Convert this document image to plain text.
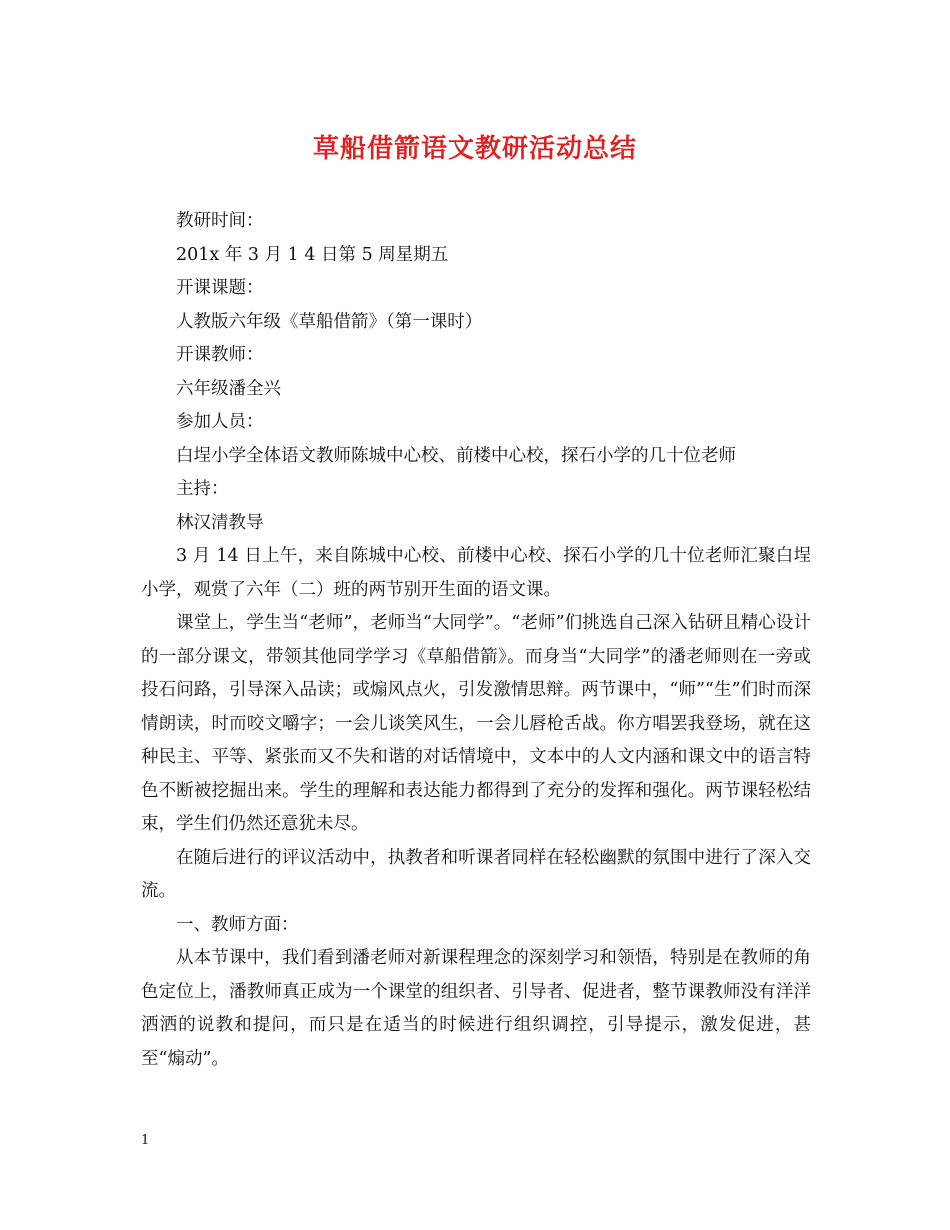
草船借箭语文教研活动总结

教研时间：

201x 年 3 月 1 4 日第 5 周星期五

开课课题：

人教版六年级《草船借箭》（第一课时）

开课教师：

六年级潘全兴

参加人员：

白埕小学全体语文教师陈城中心校、前楼中心校，探石小学的几十位老师

主持：

林汉清教导

3 月 14 日上午，来自陈城中心校、前楼中心校、探石小学的几十位老师汇聚白埕小学，观赏了六年（二）班的两节别开生面的语文课。

课堂上，学生当“老师”，老师当“大同学”。“老师”们挑选自己深入钻研且精心设计的一部分课文，带领其他同学学习《草船借箭》。而身当“大同学”的潘老师则在一旁或投石问路，引导深入品读；或煽风点火，引发激情思辩。两节课中，“师”“生”们时而深情朗读，时而咬文嚼字；一会儿谈笑风生，一会儿唇枪舌战。你方唱罢我登场，就在这种民主、平等、紧张而又不失和谐的对话情境中，文本中的人文内涵和课文中的语言特色不断被挖掘出来。学生的理解和表达能力都得到了充分的发挥和强化。两节课轻松结束，学生们仍然还意犹未尽。

在随后进行的评议活动中，执教者和听课者同样在轻松幽默的氛围中进行了深入交流。

一、教师方面：

从本节课中，我们看到潘老师对新课程理念的深刻学习和领悟，特别是在教师的角色定位上，潘教师真正成为一个课堂的组织者、引导者、促进者，整节课教师没有洋洋洒洒的说教和提问，而只是在适当的时候进行组织调控，引导提示，激发促进，甚至“煽动”。

1
